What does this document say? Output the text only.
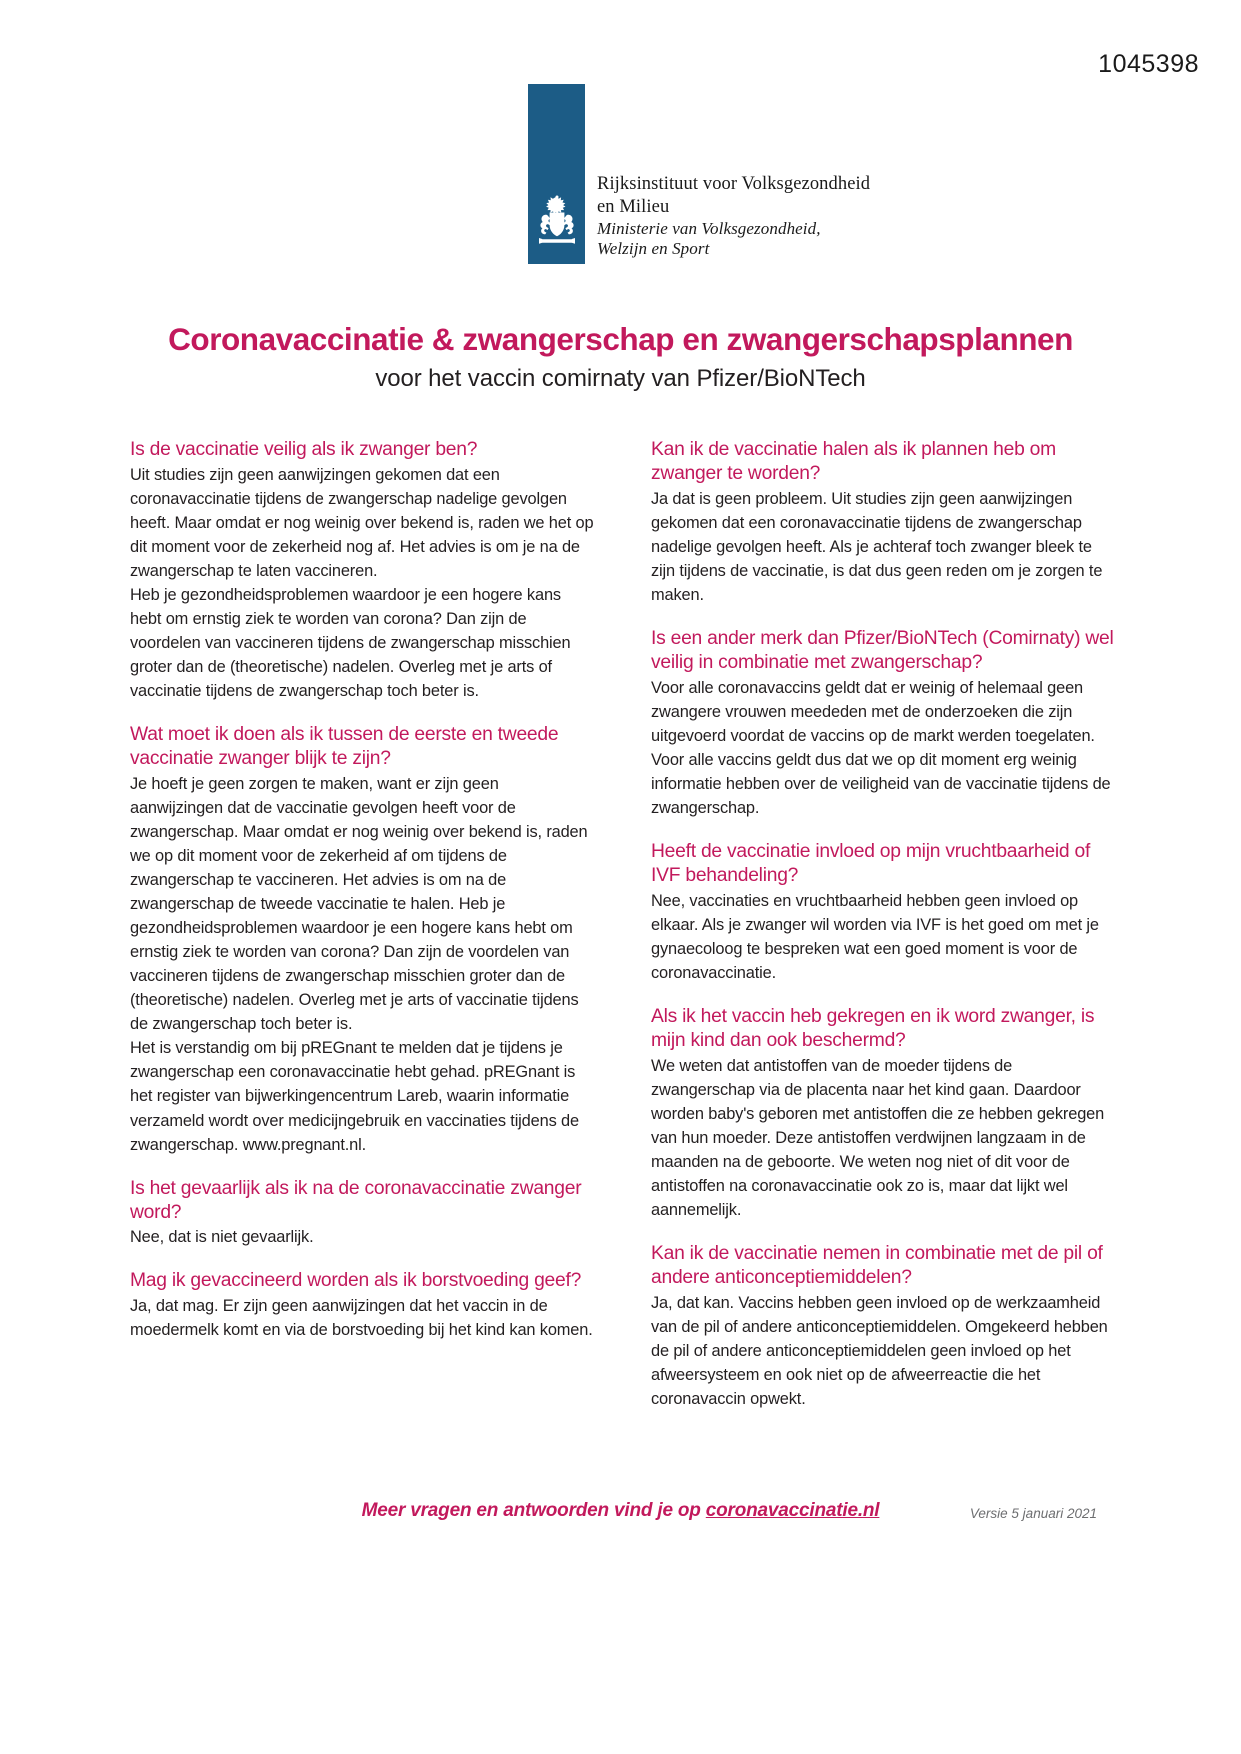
1045398
Rijksinstituut voor Volksgezondheid
en Milieu
Ministerie van Volksgezondheid,
Welzijn en Sport
Coronavaccinatie & zwangerschap en zwangerschapsplannen
voor het vaccin comirnaty van Pfizer/BioNTech
Is de vaccinatie veilig als ik zwanger ben?

Uit studies zijn geen aanwijzingen gekomen dat een coronavaccinatie tijdens de zwangerschap nadelige gevolgen heeft. Maar omdat er nog weinig over bekend is, raden we het op dit moment voor de zekerheid nog af. Het advies is om je na de zwangerschap te laten vaccineren.

Heb je gezondheidsproblemen waardoor je een hogere kans hebt om ernstig ziek te worden van corona? Dan zijn de voordelen van vaccineren tijdens de zwangerschap misschien groter dan de (theoretische) nadelen. Overleg met je arts of vaccinatie tijdens de zwangerschap toch beter is.

Wat moet ik doen als ik tussen de eerste en tweede vaccinatie zwanger blijk te zijn?

Je hoeft je geen zorgen te maken, want er zijn geen aanwijzingen dat de vaccinatie gevolgen heeft voor de zwangerschap. Maar omdat er nog weinig over bekend is, raden we op dit moment voor de zekerheid af om tijdens de zwangerschap te vaccineren. Het advies is om na de zwangerschap de tweede vaccinatie te halen. Heb je gezondheidsproblemen waardoor je een hogere kans hebt om ernstig ziek te worden van corona? Dan zijn de voordelen van vaccineren tijdens de zwangerschap misschien groter dan de (theoretische) nadelen. Overleg met je arts of vaccinatie tijdens de zwangerschap toch beter is.

Het is verstandig om bij pREGnant te melden dat je tijdens je zwangerschap een coronavaccinatie hebt gehad. pREGnant is het register van bijwerkingencentrum Lareb, waarin informatie verzameld wordt over medicijngebruik en vaccinaties tijdens de zwangerschap. www.pregnant.nl.

Is het gevaarlijk als ik na de coronavaccinatie zwanger word?

Nee, dat is niet gevaarlijk.

Mag ik gevaccineerd worden als ik borstvoeding geef?

Ja, dat mag. Er zijn geen aanwijzingen dat het vaccin in de moedermelk komt en via de borstvoeding bij het kind kan komen.

Kan ik de vaccinatie halen als ik plannen heb om zwanger te worden?

Ja dat is geen probleem. Uit studies zijn geen aanwijzingen gekomen dat een coronavaccinatie tijdens de zwangerschap nadelige gevolgen heeft. Als je achteraf toch zwanger bleek te zijn tijdens de vaccinatie, is dat dus geen reden om je zorgen te maken.

Is een ander merk dan Pfizer/BioNTech (Comirnaty) wel veilig in combinatie met zwangerschap?

Voor alle coronavaccins geldt dat er weinig of helemaal geen zwangere vrouwen meededen met de onderzoeken die zijn uitgevoerd voordat de vaccins op de markt werden toegelaten. Voor alle vaccins geldt dus dat we op dit moment erg weinig informatie hebben over de veiligheid van de vaccinatie tijdens de zwangerschap.

Heeft de vaccinatie invloed op mijn vruchtbaarheid of IVF behandeling?

Nee, vaccinaties en vruchtbaarheid hebben geen invloed op elkaar. Als je zwanger wil worden via IVF is het goed om met je gynaecoloog te bespreken wat een goed moment is voor de coronavaccinatie.

Als ik het vaccin heb gekregen en ik word zwanger, is mijn kind dan ook beschermd?

We weten dat antistoffen van de moeder tijdens de zwangerschap via de placenta naar het kind gaan. Daardoor worden baby's geboren met antistoffen die ze hebben gekregen van hun moeder. Deze antistoffen verdwijnen langzaam in de maanden na de geboorte. We weten nog niet of dit voor de antistoffen na coronavaccinatie ook zo is, maar dat lijkt wel aannemelijk.

Kan ik de vaccinatie nemen in combinatie met de pil of andere anticonceptiemiddelen?

Ja, dat kan. Vaccins hebben geen invloed op de werkzaamheid van de pil of andere anticonceptiemiddelen. Omgekeerd hebben de pil of andere anticonceptiemiddelen geen invloed op het afweersysteem en ook niet op de afweerreactie die het coronavaccin opwekt.

Meer vragen en antwoorden vind je op coronavaccinatie.nl	Versie 5 januari 2021
